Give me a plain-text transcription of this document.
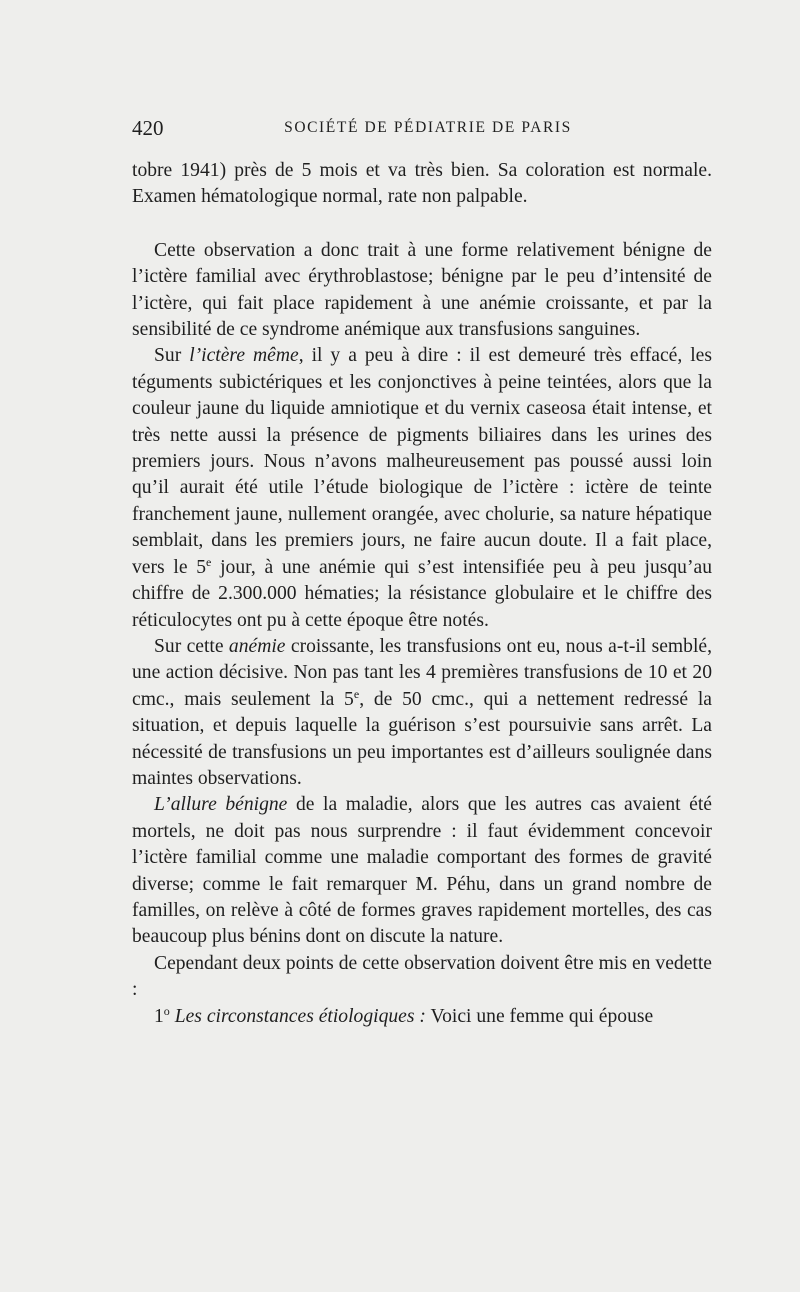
420	SOCIÉTÉ DE PÉDIATRIE DE PARIS

tobre 1941) près de 5 mois et va très bien. Sa coloration est normale. Examen hématologique normal, rate non palpable.

Cette observation a donc trait à une forme relativement bénigne de l’ictère familial avec érythroblastose; bénigne par le peu d’intensité de l’ictère, qui fait place rapidement à une anémie croissante, et par la sensibilité de ce syndrome anémique aux transfusions sanguines.

Sur l’ictère même, il y a peu à dire : il est demeuré très effacé, les téguments subictériques et les conjonctives à peine teintées, alors que la couleur jaune du liquide amniotique et du vernix caseosa était intense, et très nette aussi la présence de pigments biliaires dans les urines des premiers jours. Nous n’avons malheureusement pas poussé aussi loin qu’il aurait été utile l’étude biologique de l’ictère : ictère de teinte franchement jaune, nullement orangée, avec cholurie, sa nature hépatique semblait, dans les premiers jours, ne faire aucun doute. Il a fait place, vers le 5e jour, à une anémie qui s’est intensifiée peu à peu jusqu’au chiffre de 2.300.000 hématies; la résistance globulaire et le chiffre des réticulocytes ont pu à cette époque être notés.

Sur cette anémie croissante, les transfusions ont eu, nous a-t-il semblé, une action décisive. Non pas tant les 4 premières transfusions de 10 et 20 cmc., mais seulement la 5e, de 50 cmc., qui a nettement redressé la situation, et depuis laquelle la guérison s’est poursuivie sans arrêt. La nécessité de transfusions un peu importantes est d’ailleurs soulignée dans maintes observations.

L’allure bénigne de la maladie, alors que les autres cas avaient été mortels, ne doit pas nous surprendre : il faut évidemment concevoir l’ictère familial comme une maladie comportant des formes de gravité diverse; comme le fait remarquer M. Péhu, dans un grand nombre de familles, on relève à côté de formes graves rapidement mortelles, des cas beaucoup plus bénins dont on discute la nature.

Cependant deux points de cette observation doivent être mis en vedette :

1$^o$ Les circonstances étiologiques : Voici une femme qui épouse
